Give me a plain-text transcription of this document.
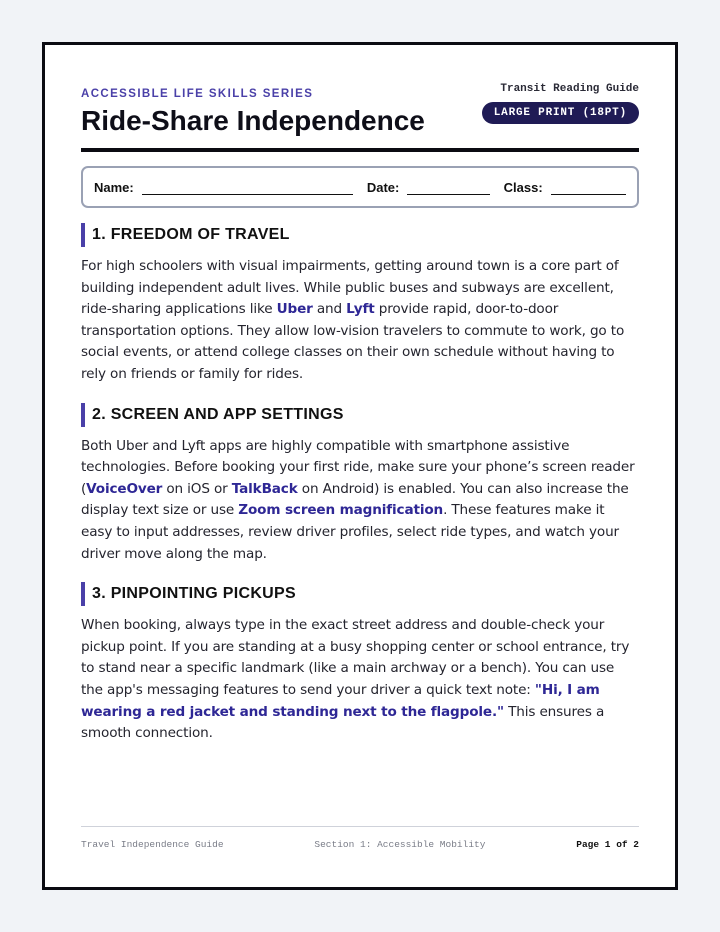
ACCESSIBLE LIFE SKILLS SERIES
Ride-Share Independence
Transit Reading Guide
LARGE PRINT (18PT)
Name:	Date:	Class:
1. FREEDOM OF TRAVEL

For high schoolers with visual impairments, getting around town is a core part of building independent adult lives. While public buses and subways are excellent, ride-sharing applications like Uber and Lyft provide rapid, door-to-door transportation options. They allow low-vision travelers to commute to work, go to social events, or attend college classes on their own schedule without having to rely on friends or family for rides.

2. SCREEN AND APP SETTINGS

Both Uber and Lyft apps are highly compatible with smartphone assistive technologies. Before booking your first ride, make sure your phone’s screen reader (VoiceOver on iOS or TalkBack on Android) is enabled. You can also increase the display text size or use Zoom screen magnification. These features make it easy to input addresses, review driver profiles, select ride types, and watch your driver move along the map.

3. PINPOINTING PICKUPS

When booking, always type in the exact street address and double-check your pickup point. If you are standing at a busy shopping center or school entrance, try to stand near a specific landmark (like a main archway or a bench). You can use the app's messaging features to send your driver a quick text note: "Hi, I am wearing a red jacket and standing next to the flagpole." This ensures a smooth connection.

Travel Independence Guide	Section 1: Accessible Mobility	Page 1 of 2
